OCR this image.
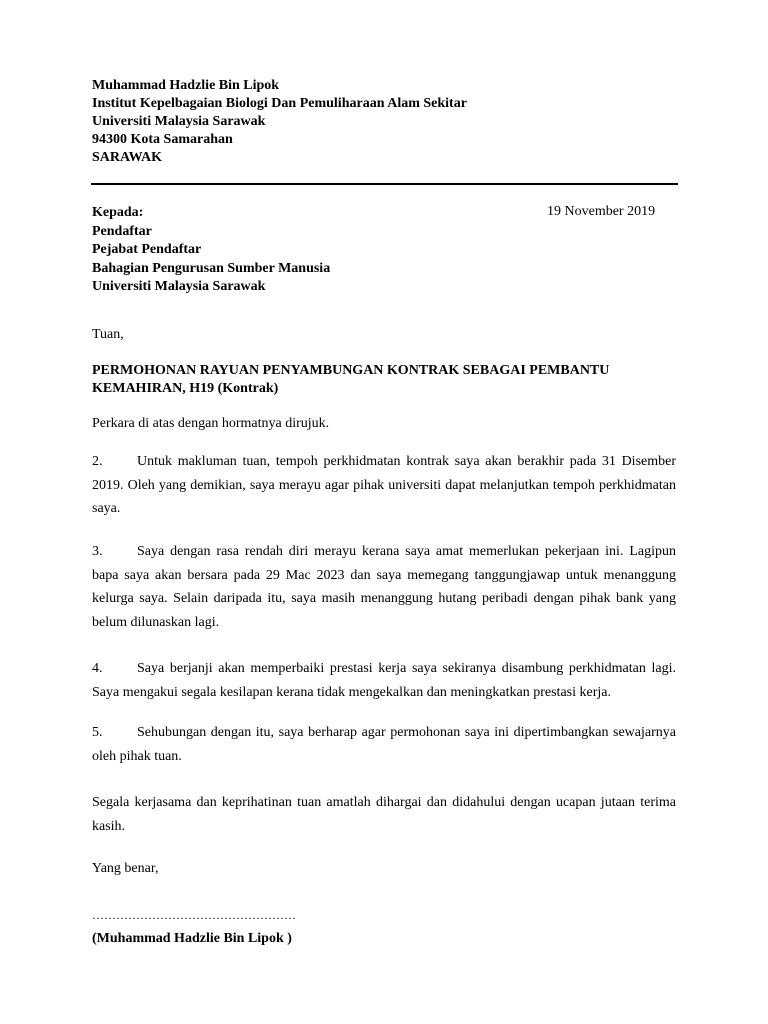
Muhammad Hadzlie Bin Lipok
Institut Kepelbagaian Biologi Dan Pemuliharaan Alam Sekitar
Universiti Malaysia Sarawak
94300 Kota Samarahan
SARAWAK
Kepada:
Pendaftar
Pejabat Pendaftar
Bahagian Pengurusan Sumber Manusia
Universiti Malaysia Sarawak
19 November 2019
Tuan,
PERMOHONAN RAYUAN PENYAMBUNGAN KONTRAK SEBAGAI PEMBANTU KEMAHIRAN, H19 (Kontrak)
Perkara di atas dengan hormatnya dirujuk.
2. Untuk makluman tuan, tempoh perkhidmatan kontrak saya akan berakhir pada 31 Disember 2019. Oleh yang demikian, saya merayu agar pihak universiti dapat melanjutkan tempoh perkhidmatan saya.
3. Saya dengan rasa rendah diri merayu kerana saya amat memerlukan pekerjaan ini. Lagipun bapa saya akan bersara pada 29 Mac 2023 dan saya memegang tanggungjawap untuk menanggung kelurga saya. Selain daripada itu, saya masih menanggung hutang peribadi dengan pihak bank yang belum dilunaskan lagi.
4. Saya berjanji akan memperbaiki prestasi kerja saya sekiranya disambung perkhidmatan lagi. Saya mengakui segala kesilapan kerana tidak mengekalkan dan meningkatkan prestasi kerja.
5. Sehubungan dengan itu, saya berharap agar permohonan saya ini dipertimbangkan sewajarnya oleh pihak tuan.
Segala kerjasama dan keprihatinan tuan amatlah dihargai dan didahului dengan ucapan jutaan terima kasih.
Yang benar,
……………………………………………
(Muhammad Hadzlie Bin Lipok )
